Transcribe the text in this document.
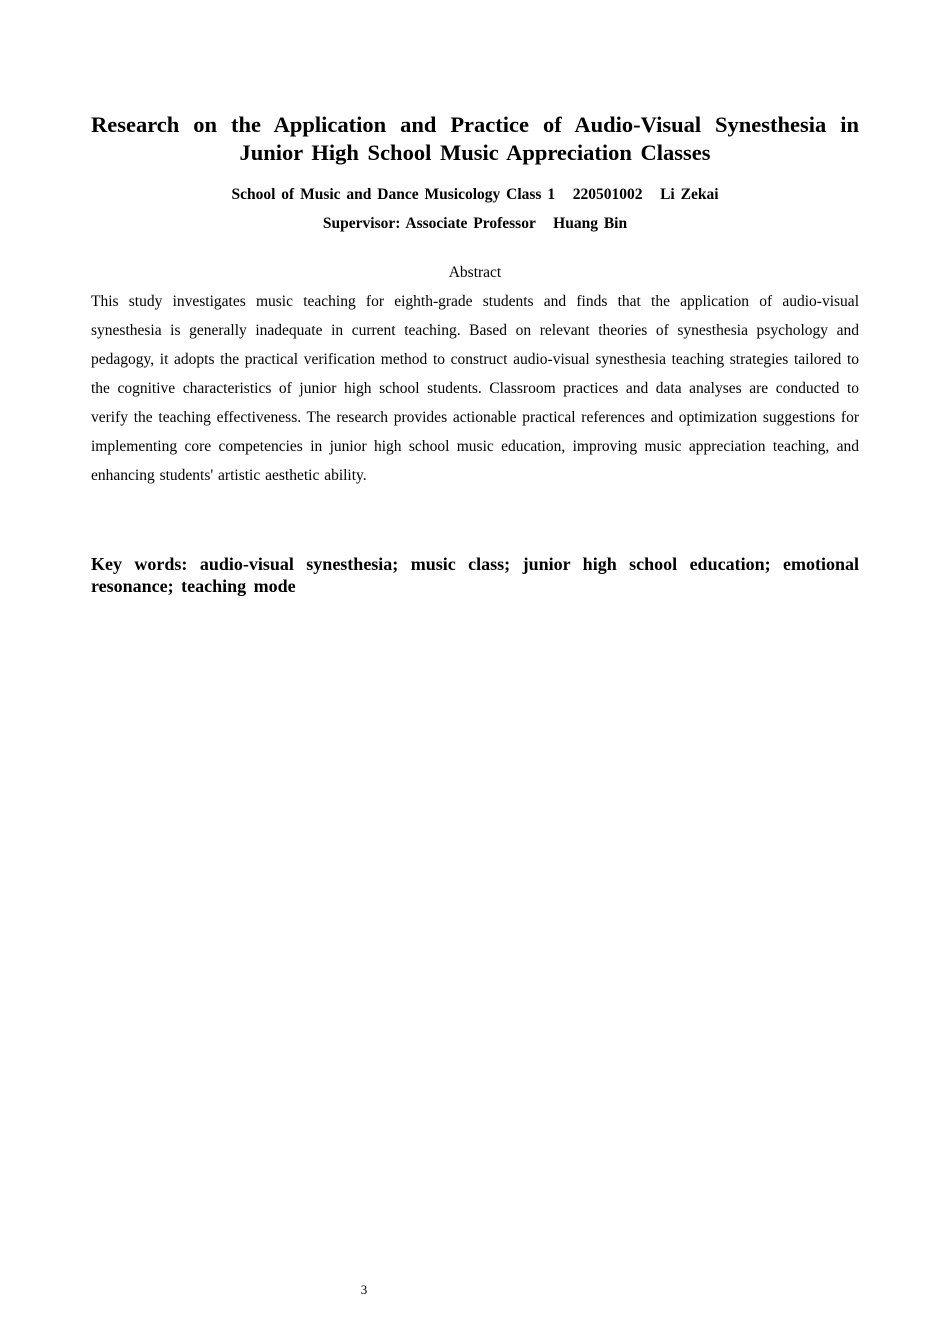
Research on the Application and Practice of Audio-Visual Synesthesia in Junior High School Music Appreciation Classes

School of Music and Dance Musicology Class 1   220501002   Li Zekai

Supervisor: Associate Professor   Huang Bin

Abstract

This study investigates music teaching for eighth-grade students and finds that the application of audio-visual synesthesia is generally inadequate in current teaching. Based on relevant theories of synesthesia psychology and pedagogy, it adopts the practical verification method to construct audio-visual synesthesia teaching strategies tailored to the cognitive characteristics of junior high school students. Classroom practices and data analyses are conducted to verify the teaching effectiveness. The research provides actionable practical references and optimization suggestions for implementing core competencies in junior high school music education, improving music appreciation teaching, and enhancing students' artistic aesthetic ability.

Key words: audio-visual synesthesia; music class; junior high school education; emotional resonance; teaching mode

3
